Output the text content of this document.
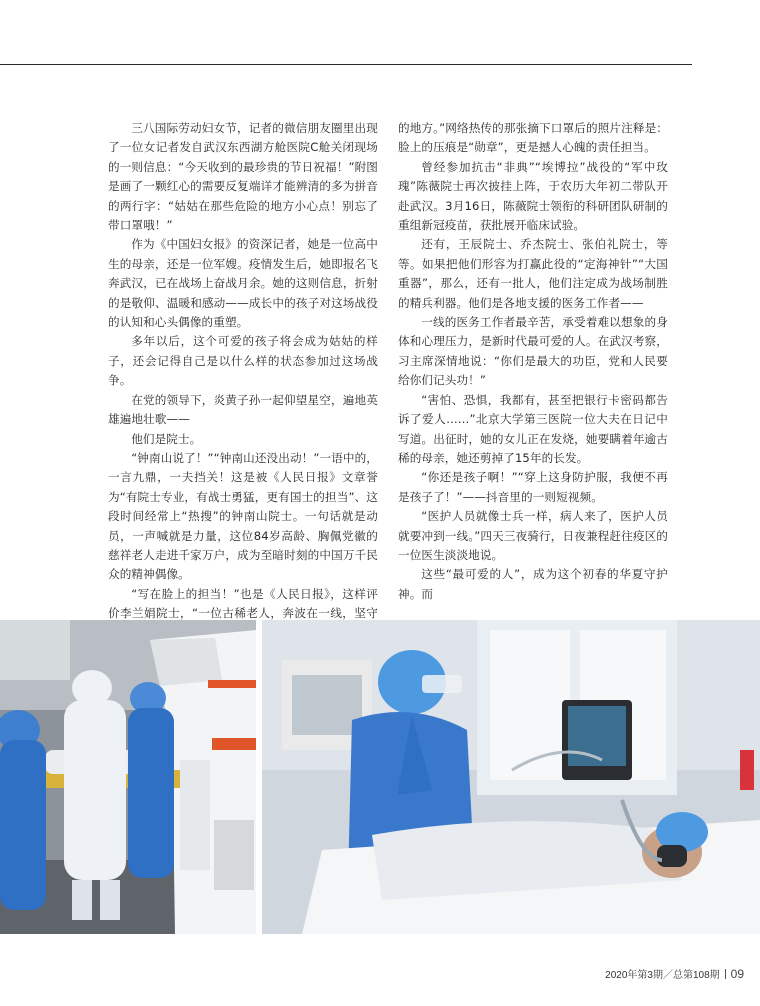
三八国际劳动妇女节，记者的微信朋友圈里出现了一位女记者发自武汉东西湖方舱医院C舱关闭现场的一则信息：“今天收到的最珍贵的节日祝福！”附图是画了一颗红心的需要反复端详才能辨清的多为拼音的两行字：“姑姑在那些危险的地方小心点！别忘了带口罩哦！”

作为《中国妇女报》的资深记者，她是一位高中生的母亲，还是一位军嫂。疫情发生后，她即报名飞奔武汉，已在战场上奋战月余。她的这则信息，折射的是敬仰、温暖和感动——成长中的孩子对这场战役的认知和心头偶像的重塑。

多年以后，这个可爱的孩子将会成为姑姑的样子，还会记得自己是以什么样的状态参加过这场战争。

在党的领导下，炎黄子孙一起仰望星空，遍地英雄遍地壮歌——

他们是院士。

“钟南山说了！”“钟南山还没出动！”一语中的，一言九鼎，一夫挡关！这是被《人民日报》文章誉为“有院士专业，有战士勇猛，更有国士的担当”、这段时间经常上“热搜”的钟南山院士。一句话就是动员，一声喊就是力量，这位84岁高龄、胸佩党徽的慈祥老人走进千家万户，成为至暗时刻的中国万千民众的精神偶像。

“写在脸上的担当！”也是《人民日报》，这样评价李兰娟院士，“一位古稀老人，奔波在一线，坚守

的地方。”网络热传的那张摘下口罩后的照片注释是：脸上的压痕是“勋章”，更是撼人心魄的责任担当。

曾经参加抗击“非典”“埃博拉”战役的“军中玫瑰”陈薇院士再次披挂上阵，于农历大年初二带队开赴武汉。3月16日，陈薇院士领衔的科研团队研制的重组新冠疫苗，获批展开临床试验。

还有，王辰院士、乔杰院士、张伯礼院士，等等。如果把他们形容为打赢此役的“定海神针”“大国重器”，那么，还有一批人，他们注定成为战场制胜的精兵利器。他们是各地支援的医务工作者——

一线的医务工作者最辛苦，承受着难以想象的身体和心理压力，是新时代最可爱的人。在武汉考察，习主席深情地说：“你们是最大的功臣，党和人民要给你们记头功！”

“害怕、恐惧，我都有，甚至把银行卡密码都告诉了爱人……”北京大学第三医院一位大夫在日记中写道。出征时，她的女儿正在发烧，她要瞒着年逾古稀的母亲，她还剪掉了15年的长发。

“你还是孩子啊！”“穿上这身防护服，我便不再是孩子了！”——抖音里的一则短视频。

“医护人员就像士兵一样，病人来了，医护人员就要冲到一线。”四天三夜骑行，日夜兼程赶往疫区的一位医生淡淡地说。

这些“最可爱的人”，成为这个初春的华夏守护神。而

2020年第3期／总第108期 09
